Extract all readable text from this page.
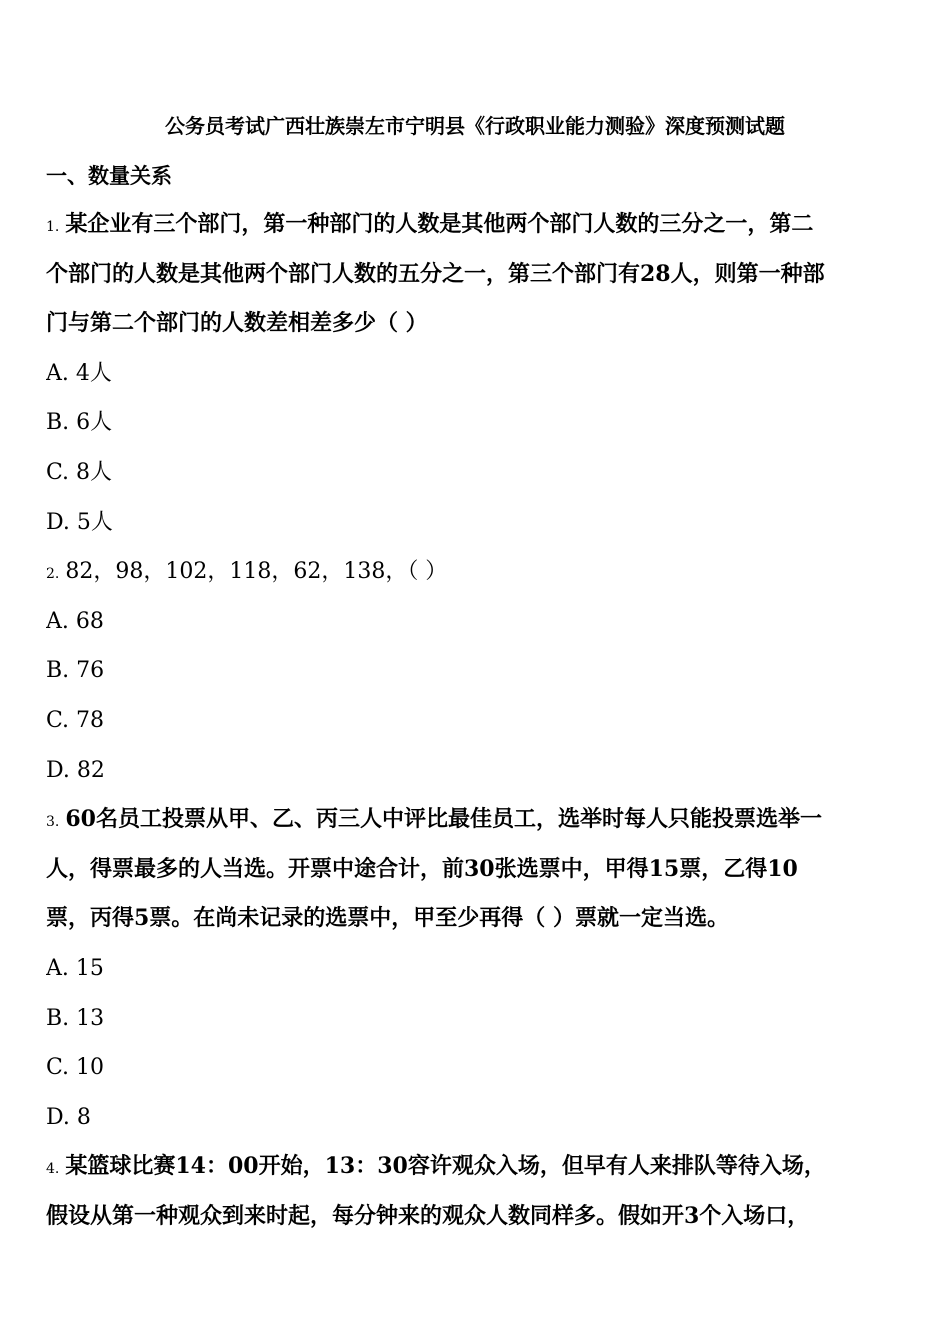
公务员考试广西壮族崇左市宁明县《行政职业能力测验》深度预测试题
一、数量关系
1. 某企业有三个部门，第一种部门的人数是其他两个部门人数的三分之一，第二
个部门的人数是其他两个部门人数的五分之一，第三个部门有28人，则第一种部
门与第二个部门的人数差相差多少（ ）
A. 4人
B. 6人
C. 8人
D. 5人
2. 82，98，102，118，62，138，（ ）
A. 68
B. 76
C. 78
D. 82
3. 60名员工投票从甲、乙、丙三人中评比最佳员工，选举时每人只能投票选举一
人，得票最多的人当选。开票中途合计，前30张选票中，甲得15票，乙得10
票，丙得5票。在尚未记录的选票中，甲至少再得（ ）票就一定当选。
A. 15
B. 13
C. 10
D. 8
4. 某篮球比赛14：00开始，13：30容许观众入场，但早有人来排队等待入场，
假设从第一种观众到来时起，每分钟来的观众人数同样多。假如开3个入场口，
